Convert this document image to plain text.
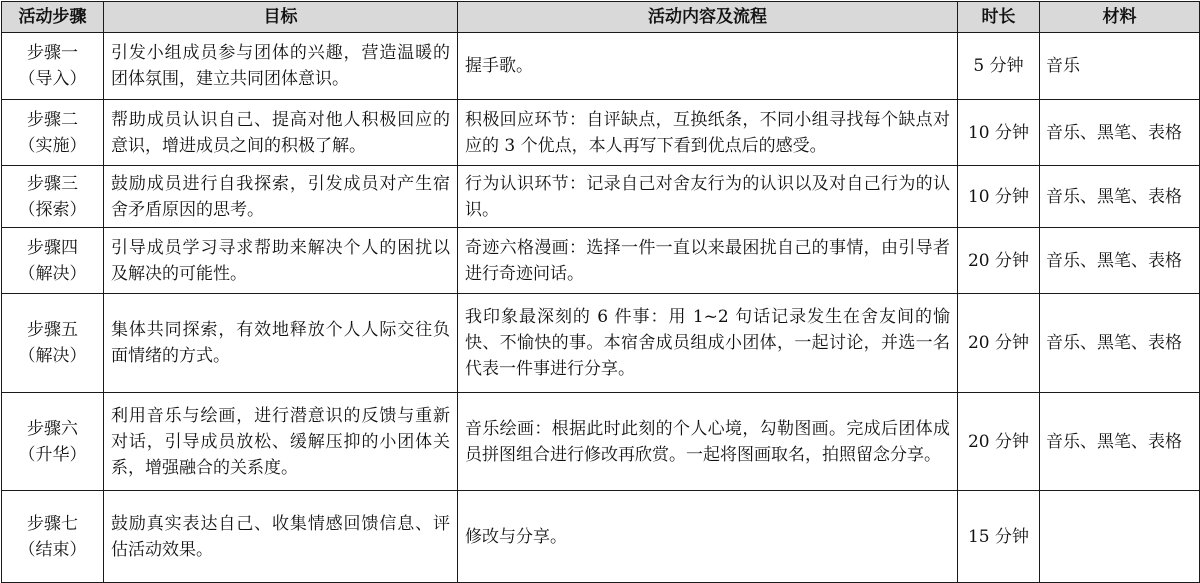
活动步骤	目标	活动内容及流程	时长	材料

步骤一
（导入）	引发小组成员参与团体的兴趣，营造温暖的团体氛围，建立共同团体意识。	握手歌。	5 分钟	音乐

步骤二
（实施）	帮助成员认识自己、提高对他人积极回应的意识，增进成员之间的积极了解。	积极回应环节：自评缺点，互换纸条，不同小组寻找每个缺点对应的 3 个优点，本人再写下看到优点后的感受。	10 分钟	音乐、黑笔、表格

步骤三
（探索）	鼓励成员进行自我探索，引发成员对产生宿舍矛盾原因的思考。	行为认识环节：记录自己对舍友行为的认识以及对自己行为的认识。	10 分钟	音乐、黑笔、表格

步骤四
（解决）	引导成员学习寻求帮助来解决个人的困扰以及解决的可能性。	奇迹六格漫画：选择一件一直以来最困扰自己的事情，由引导者进行奇迹问话。	20 分钟	音乐、黑笔、表格

步骤五
（解决）	集体共同探索，有效地释放个人人际交往负面情绪的方式。	我印象最深刻的 6 件事：用 1~2 句话记录发生在舍友间的愉快、不愉快的事。本宿舍成员组成小团体，一起讨论，并选一名代表一件事进行分享。	20 分钟	音乐、黑笔、表格

步骤六
（升华）	利用音乐与绘画，进行潜意识的反馈与重新对话，引导成员放松、缓解压抑的小团体关系，增强融合的关系度。	音乐绘画：根据此时此刻的个人心境，勾勒图画。完成后团体成员拼图组合进行修改再欣赏。一起将图画取名，拍照留念分享。	20 分钟	音乐、黑笔、表格

步骤七
（结束）	鼓励真实表达自己、收集情感回馈信息、评估活动效果。	修改与分享。	15 分钟	
